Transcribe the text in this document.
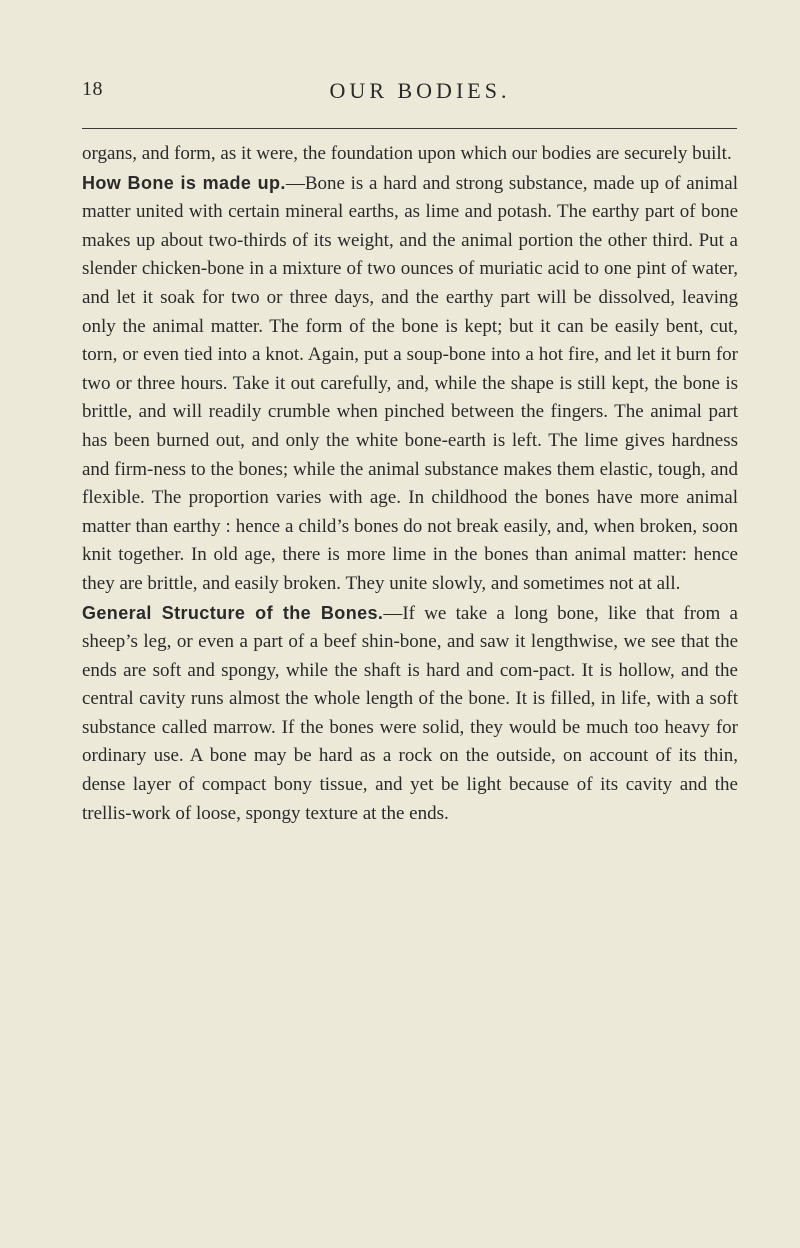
18	OUR BODIES.

organs, and form, as it were, the foundation upon which our bodies are securely built.

How Bone is made up.—Bone is a hard and strong substance, made up of animal matter united with certain mineral earths, as lime and potash. The earthy part of bone makes up about two-thirds of its weight, and the animal portion the other third. Put a slender chicken-bone in a mixture of two ounces of muriatic acid to one pint of water, and let it soak for two or three days, and the earthy part will be dissolved, leaving only the animal matter. The form of the bone is kept; but it can be easily bent, cut, torn, or even tied into a knot. Again, put a soup-bone into a hot fire, and let it burn for two or three hours. Take it out carefully, and, while the shape is still kept, the bone is brittle, and will readily crumble when pinched between the fingers. The animal part has been burned out, and only the white bone-earth is left. The lime gives hardness and firm-ness to the bones; while the animal substance makes them elastic, tough, and flexible. The proportion varies with age. In childhood the bones have more animal matter than earthy : hence a child’s bones do not break easily, and, when broken, soon knit together. In old age, there is more lime in the bones than animal matter: hence they are brittle, and easily broken. They unite slowly, and sometimes not at all.

General Structure of the Bones.—If we take a long bone, like that from a sheep’s leg, or even a part of a beef shin-bone, and saw it lengthwise, we see that the ends are soft and spongy, while the shaft is hard and com-pact. It is hollow, and the central cavity runs almost the whole length of the bone. It is filled, in life, with a soft substance called marrow. If the bones were solid, they would be much too heavy for ordinary use. A bone may be hard as a rock on the outside, on account of its thin, dense layer of compact bony tissue, and yet be light because of its cavity and the trellis-work of loose, spongy texture at the ends.
